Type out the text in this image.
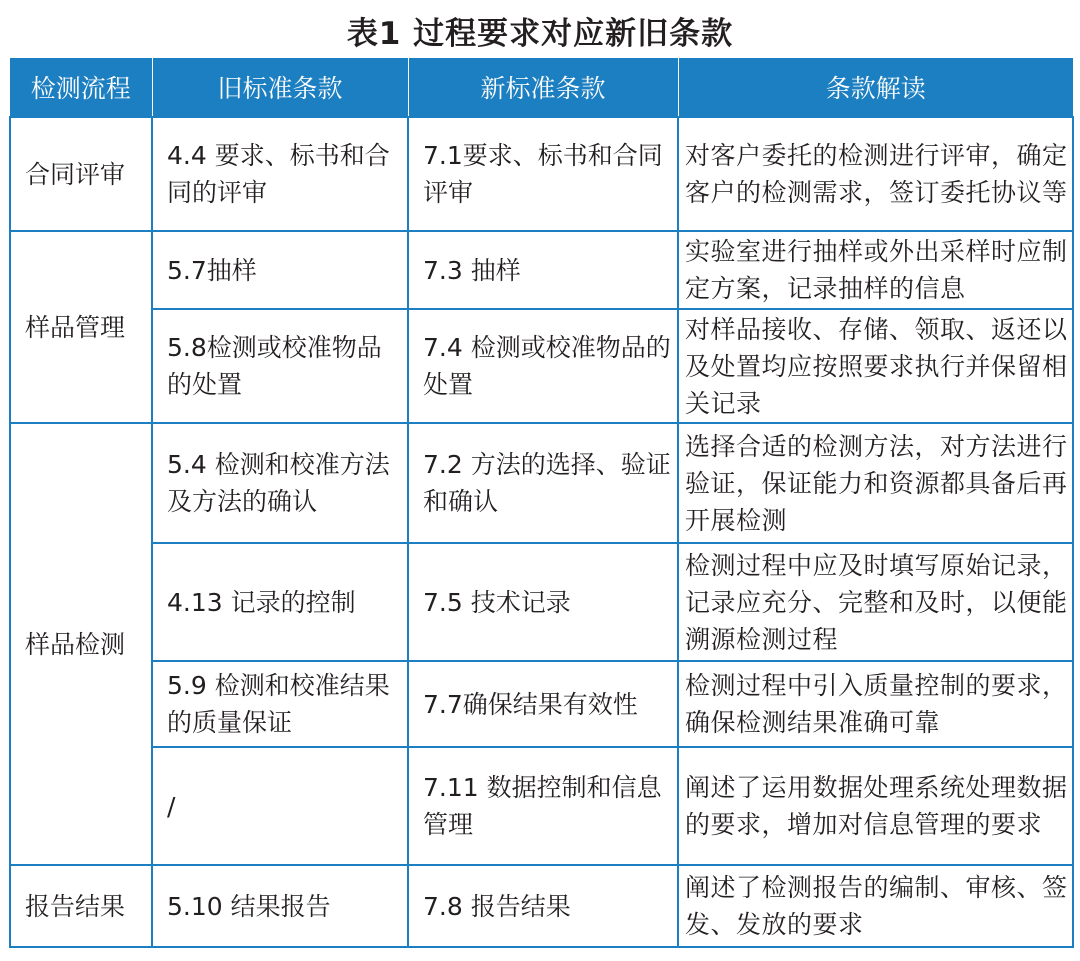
表1 过程要求对应新旧条款
检测流程	旧标准条款	新标准条款	条款解读
合同评审	4.4 要求、标书和合同的评审	7.1要求、标书和合同评审	对客户委托的检测进行评审，确定客户的检测需求，签订委托协议等
样品管理	5.7抽样	7.3 抽样	实验室进行抽样或外出采样时应制定方案，记录抽样的信息
	5.8检测或校准物品的处置	7.4 检测或校准物品的处置	对样品接收、存储、领取、返还以及处置均应按照要求执行并保留相关记录
样品检测	5.4 检测和校准方法及方法的确认	7.2 方法的选择、验证和确认	选择合适的检测方法，对方法进行验证，保证能力和资源都具备后再开展检测
	4.13 记录的控制	7.5 技术记录	检测过程中应及时填写原始记录，记录应充分、完整和及时，以便能溯源检测过程
	5.9 检测和校准结果的质量保证	7.7确保结果有效性	检测过程中引入质量控制的要求，确保检测结果准确可靠
	/	7.11 数据控制和信息管理	阐述了运用数据处理系统处理数据的要求，增加对信息管理的要求
报告结果	5.10 结果报告	7.8 报告结果	阐述了检测报告的编制、审核、签发、发放的要求
